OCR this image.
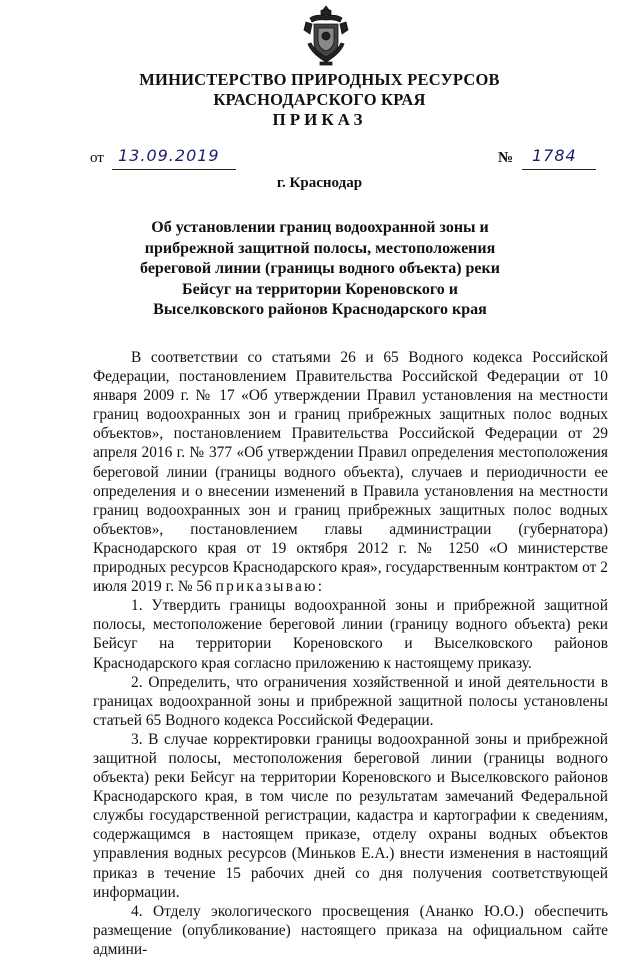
МИНИСТЕРСТВО ПРИРОДНЫХ РЕСУРСОВ
КРАСНОДАРСКОГО КРАЯ
ПРИКАЗ
от 13.09.2019	№ 1784
г. Краснодар
Об установлении границ водоохранной зоны и
прибрежной защитной полосы, местоположения
береговой линии (границы водного объекта) реки
Бейсуг на территории Кореновского и
Выселковского районов Краснодарского края

В соответствии со статьями 26 и 65 Водного кодекса Российской Федерации, постановлением Правительства Российской Федерации от 10 января 2009 г. № 17 «Об утверждении Правил установления на местности границ водоохранных зон и границ прибрежных защитных полос водных объектов», постановлением Правительства Российской Федерации от 29 апреля 2016 г. № 377 «Об утверждении Правил определения местоположения береговой линии (границы водного объекта), случаев и периодичности ее определения и о внесении изменений в Правила установления на местности границ водоохранных зон и границ прибрежных защитных полос водных объектов», постановлением главы администрации (губернатора) Краснодарского края от 19 октября 2012 г. № 1250 «О министерстве природных ресурсов Краснодарского края», государственным контрактом от 2 июля 2019 г. № 56 приказываю:

1. Утвердить границы водоохранной зоны и прибрежной защитной полосы, местоположение береговой линии (границу водного объекта) реки Бейсуг на территории Кореновского и Выселковского районов Краснодарского края согласно приложению к настоящему приказу.

2. Определить, что ограничения хозяйственной и иной деятельности в границах водоохранной зоны и прибрежной защитной полосы установлены статьей 65 Водного кодекса Российской Федерации.

3. В случае корректировки границы водоохранной зоны и прибрежной защитной полосы, местоположения береговой линии (границы водного объекта) реки Бейсуг на территории Кореновского и Выселковского районов Краснодарского края, в том числе по результатам замечаний Федеральной службы государственной регистрации, кадастра и картографии к сведениям, содержащимся в настоящем приказе, отделу охраны водных объектов управления водных ресурсов (Миньков Е.А.) внести изменения в настоящий приказ в течение 15 рабочих дней со дня получения соответствующей информации.

4. Отделу экологического просвещения (Ананко Ю.О.) обеспечить размещение (опубликование) настоящего приказа на официальном сайте админи-
